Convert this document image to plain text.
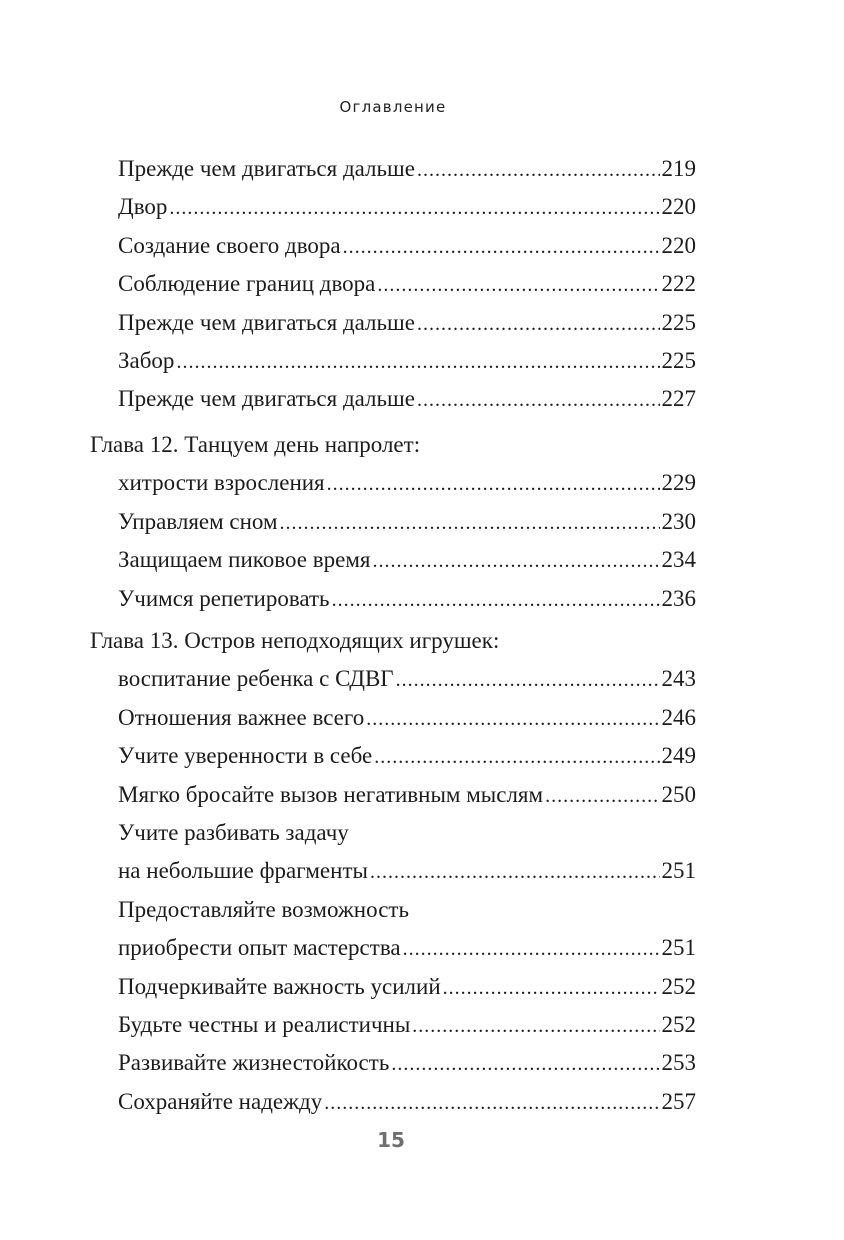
Оглавление
Прежде чем двигаться дальше .....	219
Двор .....	220
Создание своего двора .....	220
Соблюдение границ двора .....	222
Прежде чем двигаться дальше .....	225
Забор .....	225
Прежде чем двигаться дальше .....	227
Глава 12. Танцуем день напролет:
хитрости взросления .....	229
Управляем сном .....	230
Защищаем пиковое время .....	234
Учимся репетировать .....	236
Глава 13. Остров неподходящих игрушек:
воспитание ребенка с СДВГ .....	243
Отношения важнее всего .....	246
Учите уверенности в себе .....	249
Мягко бросайте вызов негативным мыслям .....	250
Учите разбивать задачу
на небольшие фрагменты .....	251
Предоставляйте возможность
приобрести опыт мастерства .....	251
Подчеркивайте важность усилий .....	252
Будьте честны и реалистичны .....	252
Развивайте жизнестойкость .....	253
Сохраняйте надежду .....	257
15
